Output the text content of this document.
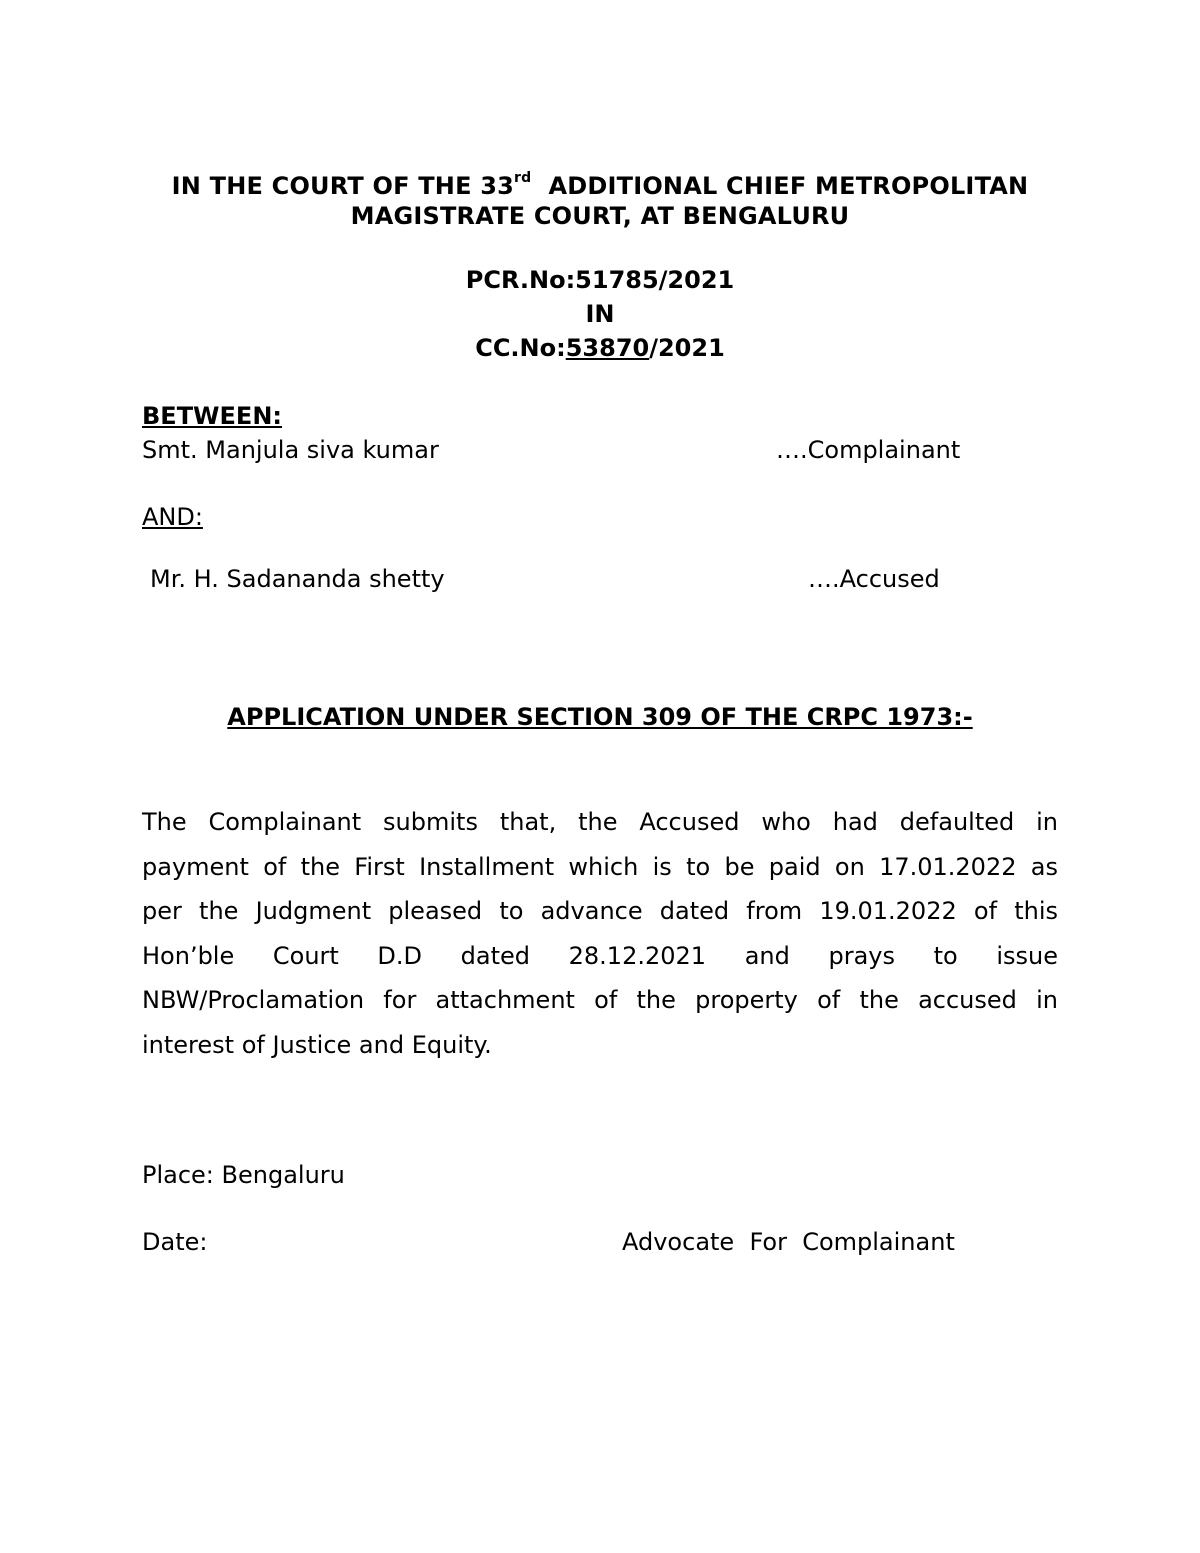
IN THE COURT OF THE 33rd ADDITIONAL CHIEF METROPOLITAN
MAGISTRATE COURT, AT BENGALURU
PCR.No:51785/2021
IN
CC.No:53870/2021
BETWEEN:
Smt. Manjula siva kumar	….Complainant
AND:
Mr. H. Sadananda shetty	….Accused
APPLICATION UNDER SECTION 309 OF THE CRPC 1973:-
The Complainant submits that, the Accused who had defaulted in
payment of the First Installment which is to be paid on 17.01.2022 as
per the Judgment pleased to advance dated from 19.01.2022 of this
Hon’ble Court D.D dated 28.12.2021 and prays to issue
NBW/Proclamation for attachment of the property of the accused in
interest of Justice and Equity.
Place: Bengaluru
Date:	Advocate  For  Complainant
